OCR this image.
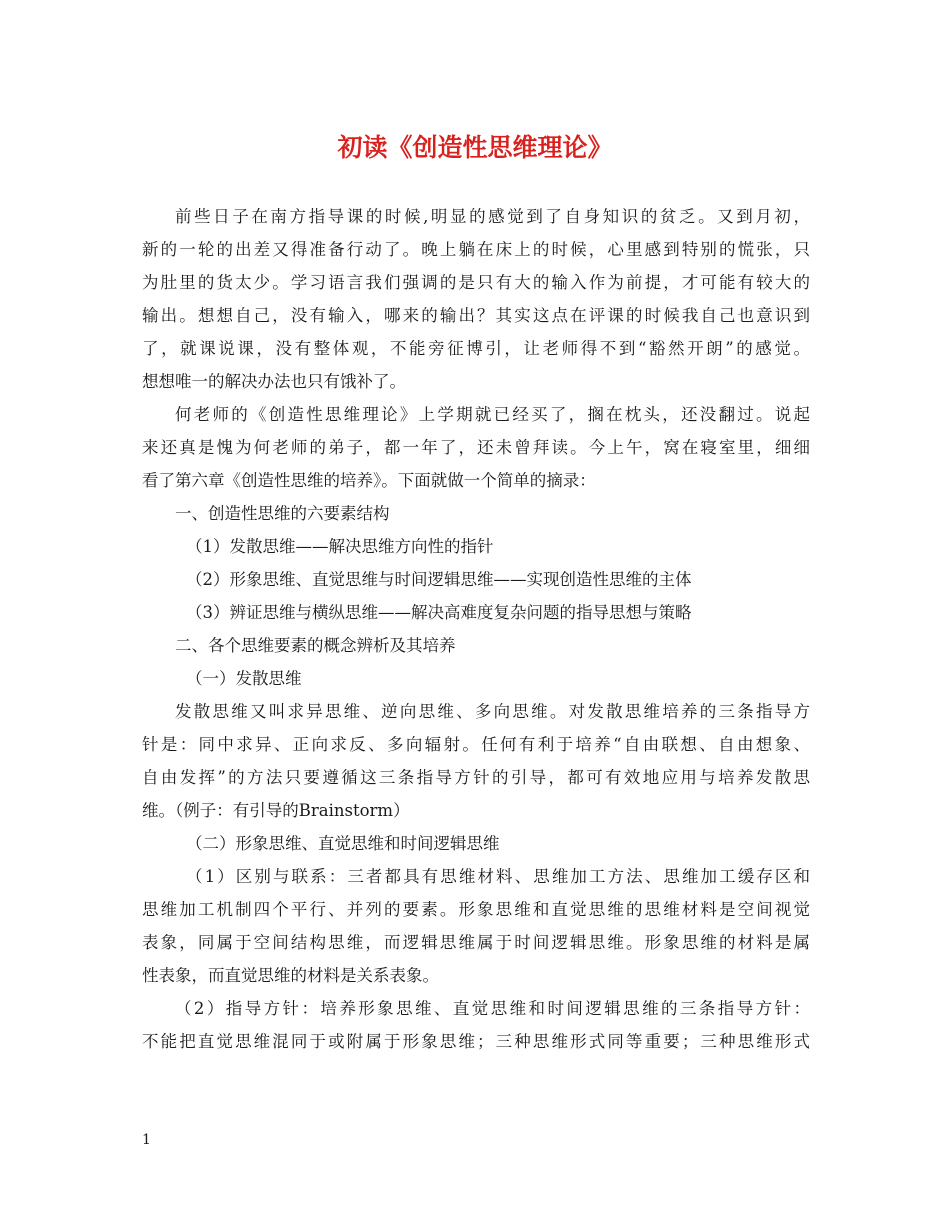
初读《创造性思维理论》
前些日子在南方指导课的时候,明显的感觉到了自身知识的贫乏。又到月初，
新的一轮的出差又得准备行动了。晚上躺在床上的时候，心里感到特别的慌张，只
为肚里的货太少。学习语言我们强调的是只有大的输入作为前提，才可能有较大的
输出。想想自己，没有输入，哪来的输出？其实这点在评课的时候我自己也意识到
了，就课说课，没有整体观，不能旁征博引，让老师得不到“豁然开朗”的感觉。
想想唯一的解决办法也只有饿补了。
何老师的《创造性思维理论》上学期就已经买了，搁在枕头，还没翻过。说起
来还真是愧为何老师的弟子，都一年了，还未曾拜读。今上午，窝在寝室里，细细
看了第六章《创造性思维的培养》。下面就做一个简单的摘录：
一、创造性思维的六要素结构
（1）发散思维——解决思维方向性的指针
（2）形象思维、直觉思维与时间逻辑思维——实现创造性思维的主体
（3）辨证思维与横纵思维——解决高难度复杂问题的指导思想与策略
二、各个思维要素的概念辨析及其培养
（一）发散思维
发散思维又叫求异思维、逆向思维、多向思维。对发散思维培养的三条指导方
针是：同中求异、正向求反、多向辐射。任何有利于培养“自由联想、自由想象、
自由发挥”的方法只要遵循这三条指导方针的引导，都可有效地应用与培养发散思
维。（例子：有引导的Brainstorm）
（二）形象思维、直觉思维和时间逻辑思维
（1）区别与联系：三者都具有思维材料、思维加工方法、思维加工缓存区和
思维加工机制四个平行、并列的要素。形象思维和直觉思维的思维材料是空间视觉
表象，同属于空间结构思维，而逻辑思维属于时间逻辑思维。形象思维的材料是属
性表象，而直觉思维的材料是关系表象。
（2）指导方针：培养形象思维、直觉思维和时间逻辑思维的三条指导方针：
不能把直觉思维混同于或附属于形象思维；三种思维形式同等重要；三种思维形式
1
